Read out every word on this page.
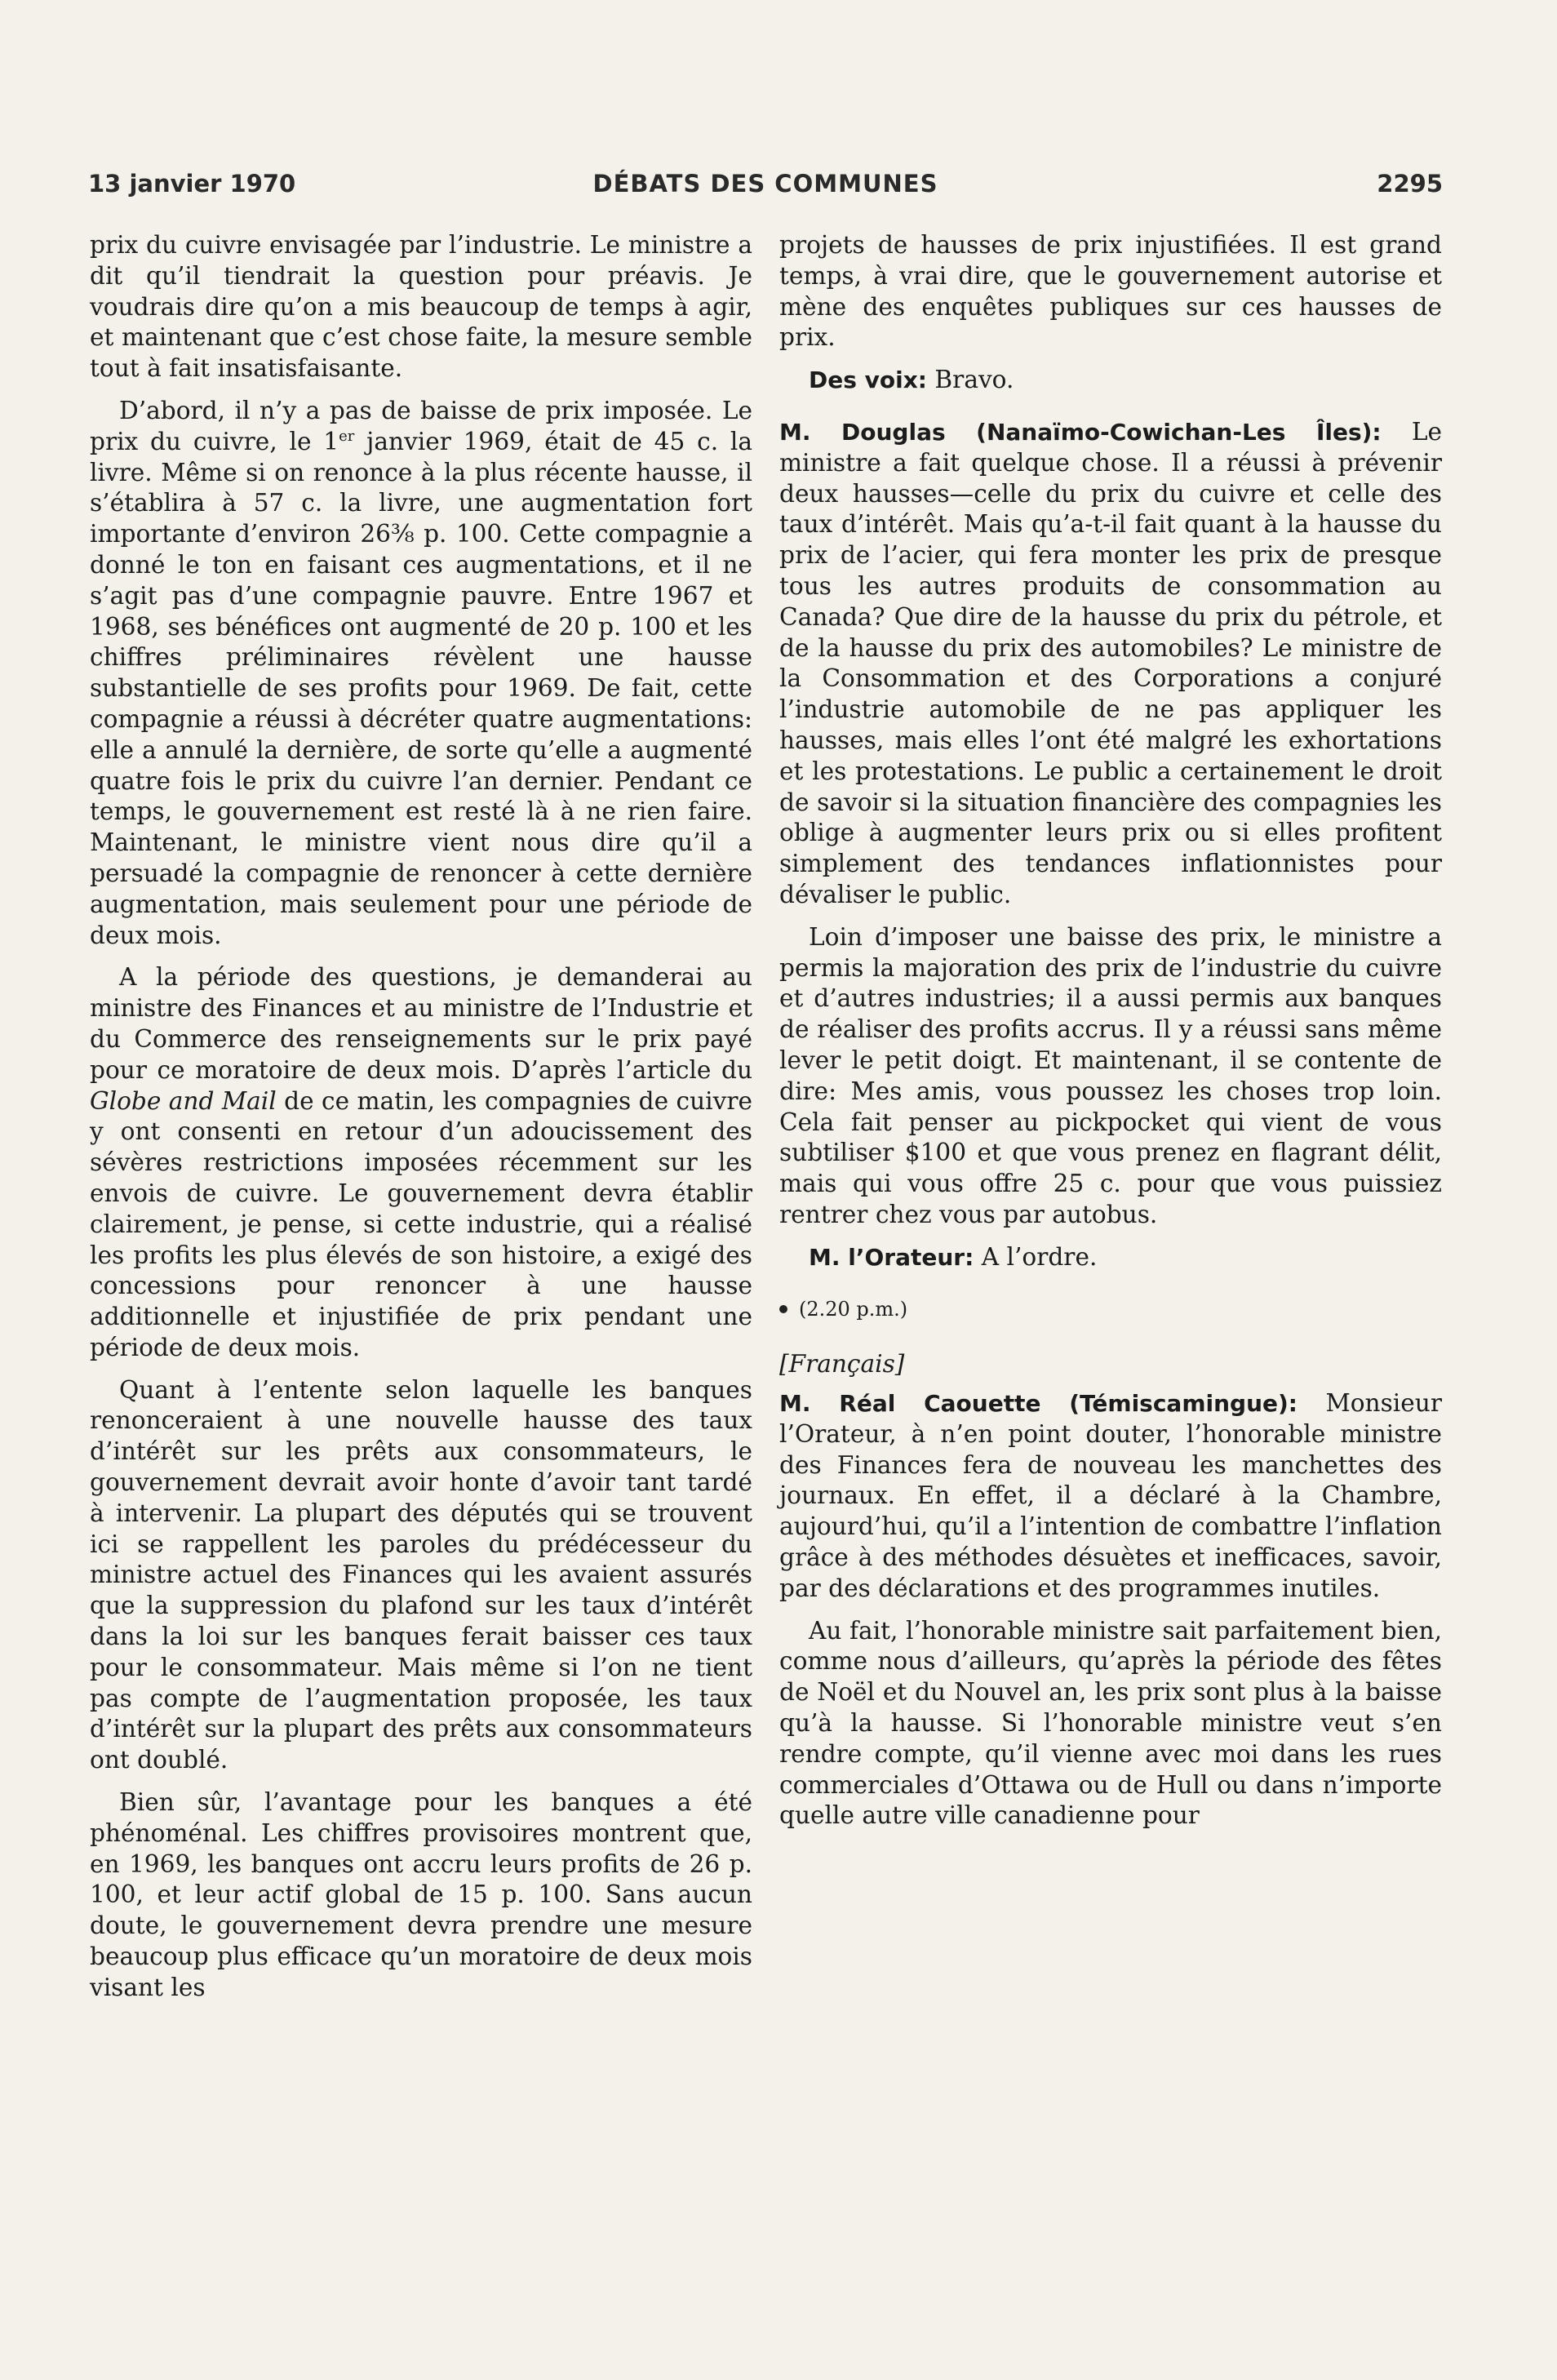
13 janvier 1970	DÉBATS DES COMMUNES	2295

prix du cuivre envisagée par l’industrie. Le ministre a dit qu’il tiendrait la question pour préavis. Je voudrais dire qu’on a mis beaucoup de temps à agir, et maintenant que c’est chose faite, la mesure semble tout à fait insatisfaisante.

D’abord, il n’y a pas de baisse de prix imposée. Le prix du cuivre, le 1er janvier 1969, était de 45 c. la livre. Même si on renonce à la plus récente hausse, il s’établira à 57 c. la livre, une augmentation fort importante d’environ 26⅜ p. 100. Cette compagnie a donné le ton en faisant ces augmentations, et il ne s’agit pas d’une compagnie pauvre. Entre 1967 et 1968, ses bénéfices ont augmenté de 20 p. 100 et les chiffres préliminaires révèlent une hausse substantielle de ses profits pour 1969. De fait, cette compagnie a réussi à décréter quatre augmentations: elle a annulé la dernière, de sorte qu’elle a augmenté quatre fois le prix du cuivre l’an dernier. Pendant ce temps, le gouvernement est resté là à ne rien faire. Maintenant, le ministre vient nous dire qu’il a persuadé la compagnie de renoncer à cette dernière augmentation, mais seulement pour une période de deux mois.

A la période des questions, je demanderai au ministre des Finances et au ministre de l’Industrie et du Commerce des renseignements sur le prix payé pour ce moratoire de deux mois. D’après l’article du Globe and Mail de ce matin, les compagnies de cuivre y ont consenti en retour d’un adoucissement des sévères restrictions imposées récemment sur les envois de cuivre. Le gouvernement devra établir clairement, je pense, si cette industrie, qui a réalisé les profits les plus élevés de son histoire, a exigé des concessions pour renoncer à une hausse additionnelle et injustifiée de prix pendant une période de deux mois.

Quant à l’entente selon laquelle les banques renonceraient à une nouvelle hausse des taux d’intérêt sur les prêts aux consommateurs, le gouvernement devrait avoir honte d’avoir tant tardé à intervenir. La plupart des députés qui se trouvent ici se rappellent les paroles du prédécesseur du ministre actuel des Finances qui les avaient assurés que la suppression du plafond sur les taux d’intérêt dans la loi sur les banques ferait baisser ces taux pour le consommateur. Mais même si l’on ne tient pas compte de l’augmentation proposée, les taux d’intérêt sur la plupart des prêts aux consommateurs ont doublé.

Bien sûr, l’avantage pour les banques a été phénoménal. Les chiffres provisoires montrent que, en 1969, les banques ont accru leurs profits de 26 p. 100, et leur actif global de 15 p. 100. Sans aucun doute, le gouvernement devra prendre une mesure beaucoup plus efficace qu’un moratoire de deux mois visant les

projets de hausses de prix injustifiées. Il est grand temps, à vrai dire, que le gouvernement autorise et mène des enquêtes publiques sur ces hausses de prix.

Des voix: Bravo.

M. Douglas (Nanaïmo-Cowichan-Les Îles): Le ministre a fait quelque chose. Il a réussi à prévenir deux hausses—celle du prix du cuivre et celle des taux d’intérêt. Mais qu’a-t-il fait quant à la hausse du prix de l’acier, qui fera monter les prix de presque tous les autres produits de consommation au Canada? Que dire de la hausse du prix du pétrole, et de la hausse du prix des automobiles? Le ministre de la Consommation et des Corporations a conjuré l’industrie automobile de ne pas appliquer les hausses, mais elles l’ont été malgré les exhortations et les protestations. Le public a certainement le droit de savoir si la situation financière des compagnies les oblige à augmenter leurs prix ou si elles profitent simplement des tendances inflationnistes pour dévaliser le public.

Loin d’imposer une baisse des prix, le ministre a permis la majoration des prix de l’industrie du cuivre et d’autres industries; il a aussi permis aux banques de réaliser des profits accrus. Il y a réussi sans même lever le petit doigt. Et maintenant, il se contente de dire: Mes amis, vous poussez les choses trop loin. Cela fait penser au pickpocket qui vient de vous subtiliser $100 et que vous prenez en flagrant délit, mais qui vous offre 25 c. pour que vous puissiez rentrer chez vous par autobus.

M. l’Orateur: A l’ordre.

(2.20 p.m.)
[Français]

M. Réal Caouette (Témiscamingue): Monsieur l’Orateur, à n’en point douter, l’honorable ministre des Finances fera de nouveau les manchettes des journaux. En effet, il a déclaré à la Chambre, aujourd’hui, qu’il a l’intention de combattre l’inflation grâce à des méthodes désuètes et inefficaces, savoir, par des déclarations et des programmes inutiles.

Au fait, l’honorable ministre sait parfaitement bien, comme nous d’ailleurs, qu’après la période des fêtes de Noël et du Nouvel an, les prix sont plus à la baisse qu’à la hausse. Si l’honorable ministre veut s’en rendre compte, qu’il vienne avec moi dans les rues commerciales d’Ottawa ou de Hull ou dans n’importe quelle autre ville canadienne pour
